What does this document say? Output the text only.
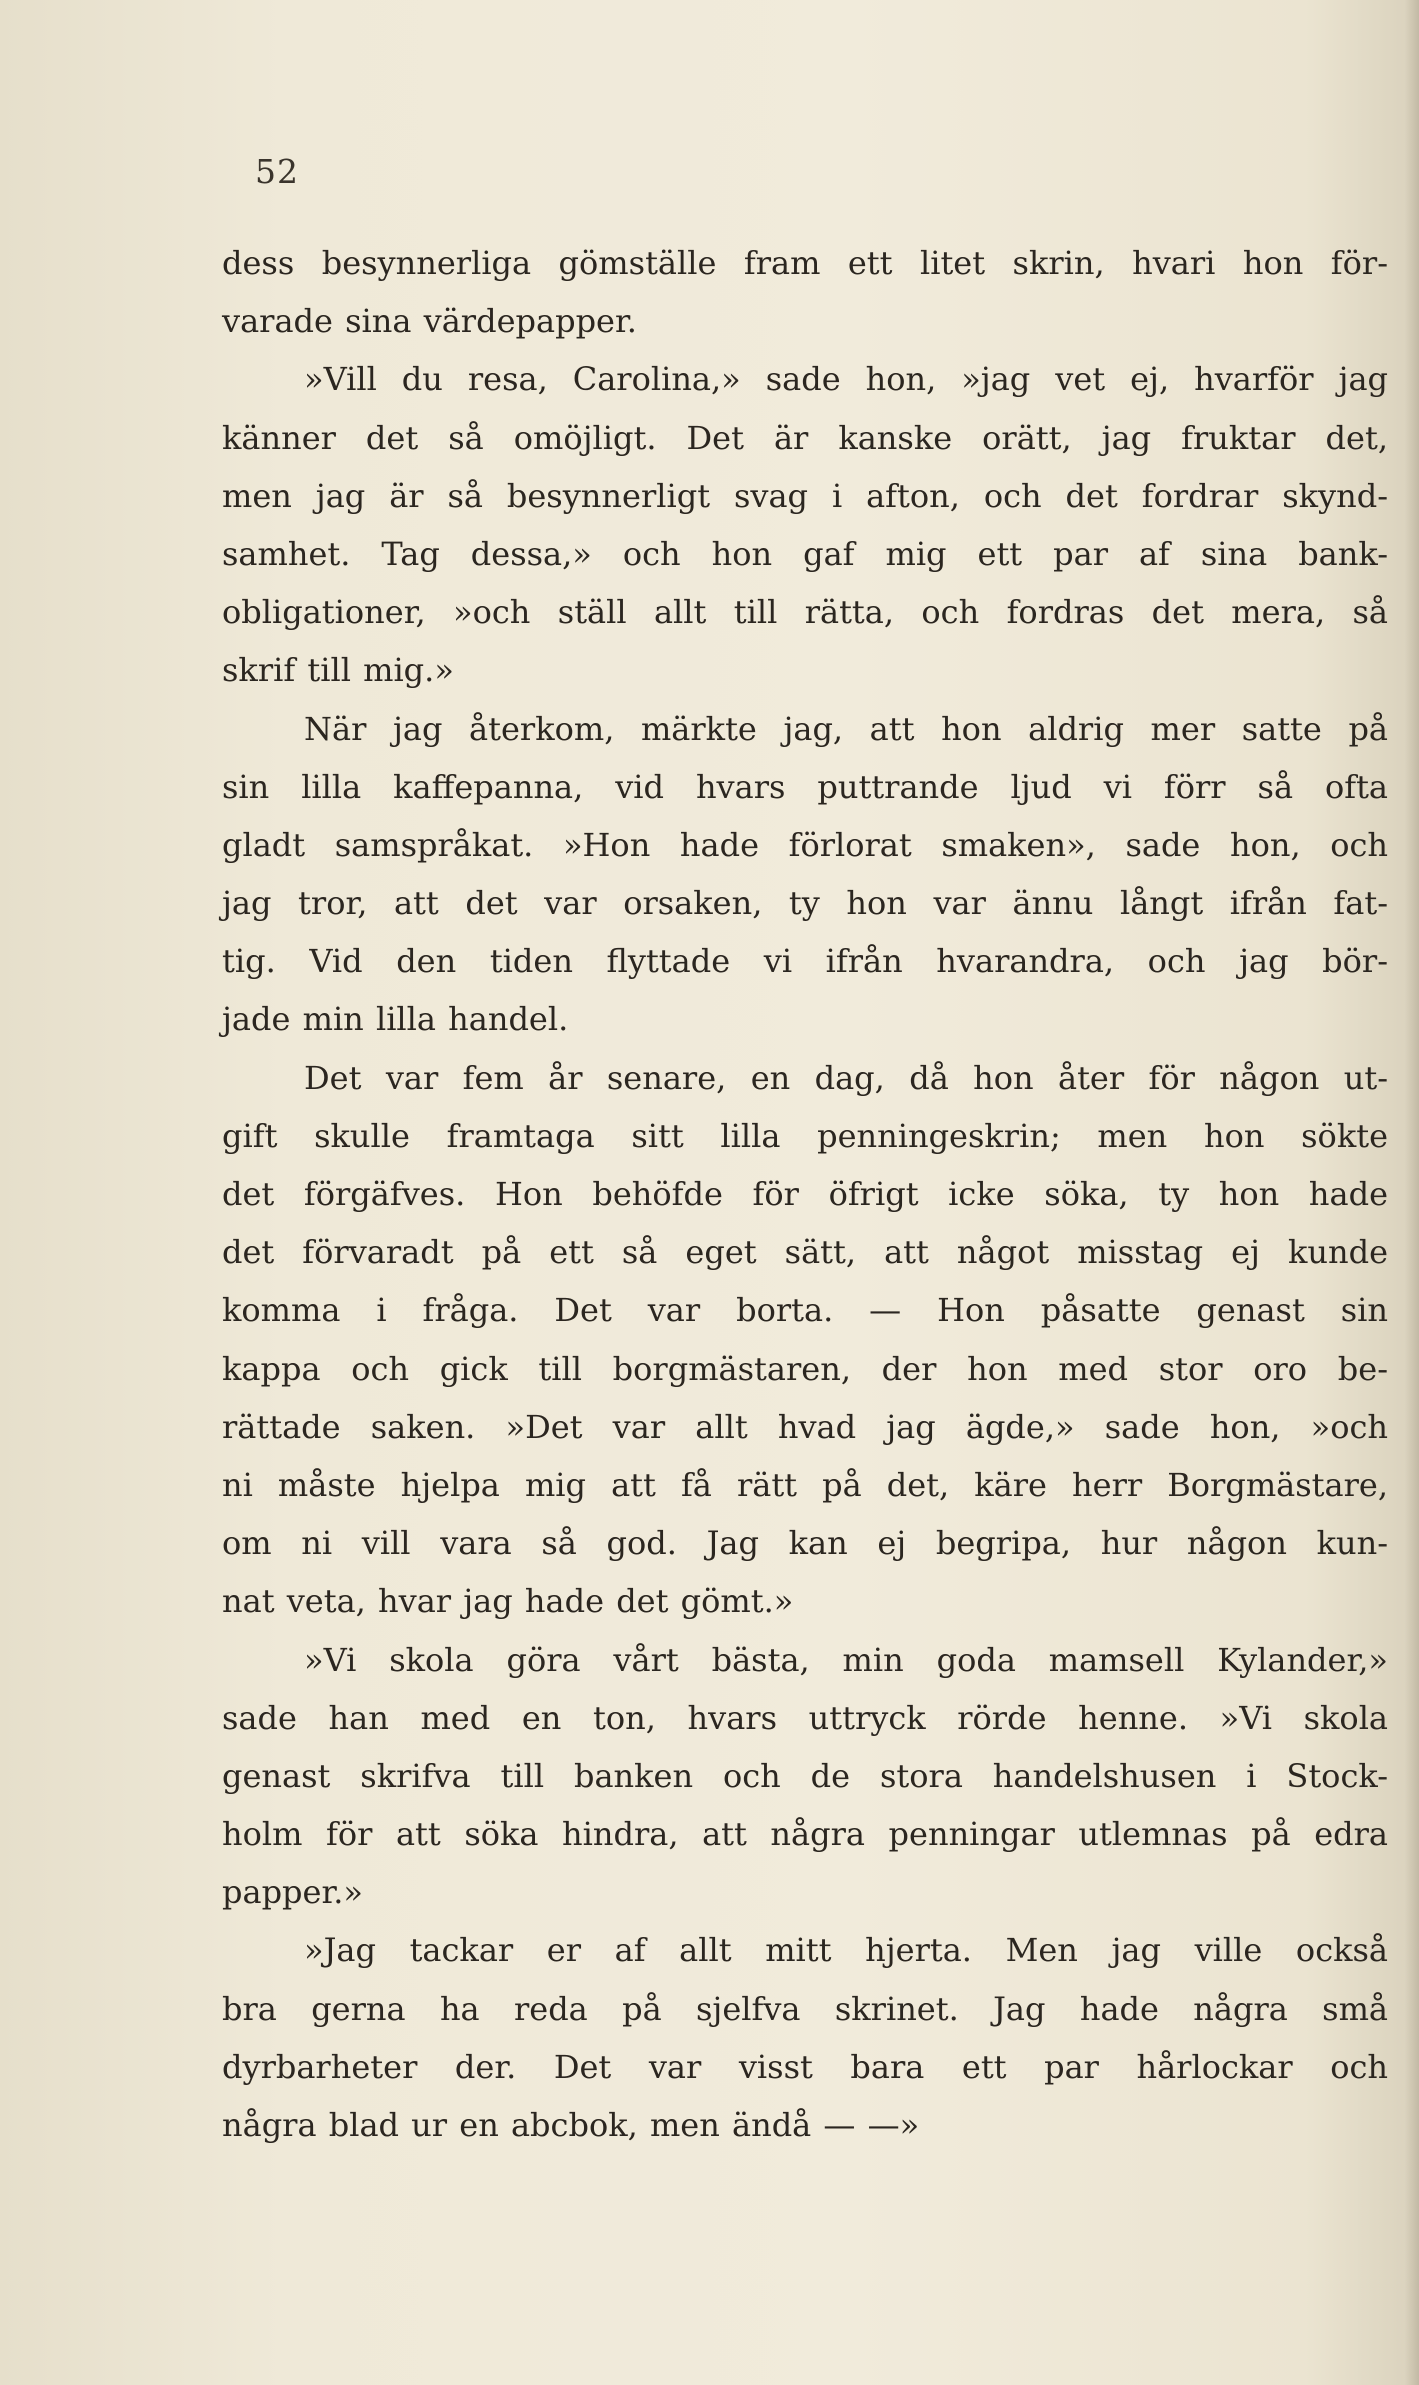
52
dess besynnerliga gömställe fram ett litet skrin, hvari hon för-
varade sina värdepapper.
»Vill du resa, Carolina,» sade hon, »jag vet ej, hvarför jag
känner det så omöjligt. Det är kanske orätt, jag fruktar det,
men jag är så besynnerligt svag i afton, och det fordrar skynd-
samhet. Tag dessa,» och hon gaf mig ett par af sina bank-
obligationer, »och ställ allt till rätta, och fordras det mera, så
skrif till mig.»
När jag återkom, märkte jag, att hon aldrig mer satte på
sin lilla kaffepanna, vid hvars puttrande ljud vi förr så ofta
gladt samspråkat. »Hon hade förlorat smaken», sade hon, och
jag tror, att det var orsaken, ty hon var ännu långt ifrån fat-
tig. Vid den tiden flyttade vi ifrån hvarandra, och jag bör-
jade min lilla handel.
Det var fem år senare, en dag, då hon åter för någon ut-
gift skulle framtaga sitt lilla penningeskrin; men hon sökte
det förgäfves. Hon behöfde för öfrigt icke söka, ty hon hade
det förvaradt på ett så eget sätt, att något misstag ej kunde
komma i fråga. Det var borta. — Hon påsatte genast sin
kappa och gick till borgmästaren, der hon med stor oro be-
rättade saken. »Det var allt hvad jag ägde,» sade hon, »och
ni måste hjelpa mig att få rätt på det, käre herr Borgmästare,
om ni vill vara så god. Jag kan ej begripa, hur någon kun-
nat veta, hvar jag hade det gömt.»
»Vi skola göra vårt bästa, min goda mamsell Kylander,»
sade han med en ton, hvars uttryck rörde henne. »Vi skola
genast skrifva till banken och de stora handelshusen i Stock-
holm för att söka hindra, att några penningar utlemnas på edra
papper.»
»Jag tackar er af allt mitt hjerta. Men jag ville också
bra gerna ha reda på sjelfva skrinet. Jag hade några små
dyrbarheter der. Det var visst bara ett par hårlockar och
några blad ur en abcbok, men ändå — —»
